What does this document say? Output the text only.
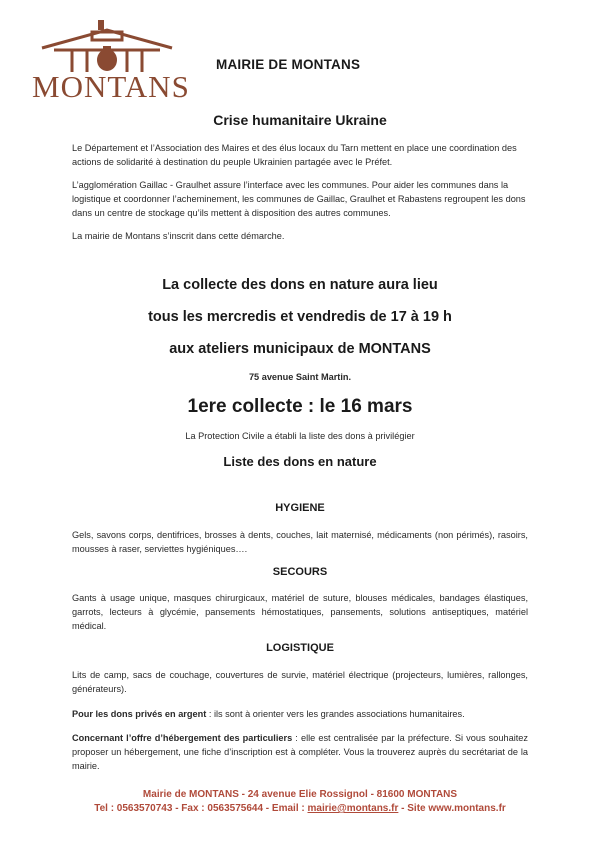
MONTANS
MAIRIE DE MONTANS
Crise humanitaire Ukraine
Le Département et l’Association des Maires et des élus locaux du Tarn mettent en place une coordination des actions de solidarité à destination du peuple Ukrainien partagée avec le Préfet.
L’agglomération Gaillac - Graulhet assure l’interface avec les communes. Pour aider les communes dans la logistique et coordonner l’acheminement, les communes de Gaillac, Graulhet et Rabastens regroupent les dons dans un centre de stockage qu’ils mettent à disposition des autres communes.
La mairie de Montans s’inscrit dans cette démarche.
La collecte des dons en nature aura lieu
tous les mercredis et vendredis de 17 à 19 h
aux ateliers municipaux de MONTANS
75 avenue Saint Martin.
1ere collecte : le 16 mars
La Protection Civile a établi la liste des dons à privilégier
Liste des dons en nature
HYGIENE
Gels, savons corps, dentifrices, brosses à dents, couches, lait maternisé, médicaments (non périmés), rasoirs, mousses à raser, serviettes hygiéniques….
SECOURS
Gants à usage unique, masques chirurgicaux, matériel de suture, blouses médicales, bandages élastiques, garrots, lecteurs à glycémie, pansements hémostatiques, pansements, solutions antiseptiques, matériel médical.
LOGISTIQUE
Lits de camp, sacs de couchage, couvertures de survie, matériel électrique (projecteurs, lumières, rallonges, générateurs).
Pour les dons privés en argent : ils sont à orienter vers les grandes associations humanitaires.
Concernant l’offre d’hébergement des particuliers : elle est centralisée par la préfecture. Si vous souhaitez proposer un hébergement, une fiche d’inscription est à compléter. Vous la trouverez auprès du secrétariat de la mairie.
Mairie de MONTANS - 24 avenue Elie Rossignol - 81600 MONTANS
Tel : 0563570743 - Fax : 0563575644 - Email : mairie@montans.fr - Site www.montans.fr
